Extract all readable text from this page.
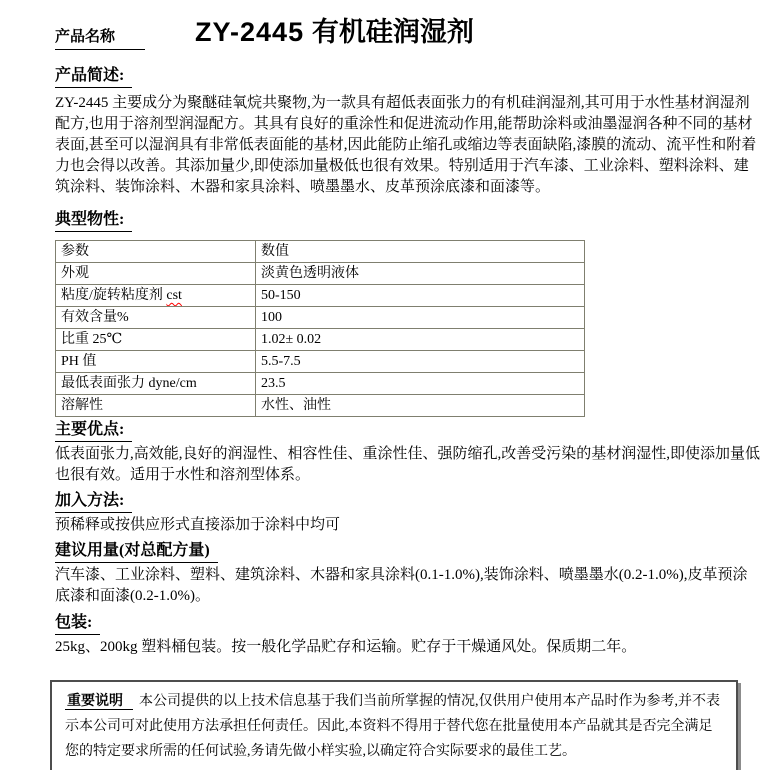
产品名称	ZY-2445 有机硅润湿剂
产品简述:
ZY-2445 主要成分为聚醚硅氧烷共聚物,为一款具有超低表面张力的有机硅润湿剂,其可用于水性基材润湿剂配方,也用于溶剂型润湿配方。其具有良好的重涂性和促进流动作用,能帮助涂料或油墨湿润各种不同的基材表面,甚至可以湿润具有非常低表面能的基材,因此能防止缩孔或缩边等表面缺陷,漆膜的流动、流平性和附着力也会得以改善。其添加量少,即使添加量极低也很有效果。特别适用于汽车漆、工业涂料、塑料涂料、建筑涂料、装饰涂料、木器和家具涂料、喷墨墨水、皮革预涂底漆和面漆等。
典型物性:
参数	数值
外观	淡黄色透明液体
粘度/旋转粘度剂 cst	50-150
有效含量%	100
比重 25℃	1.02± 0.02
PH 值	5.5-7.5
最低表面张力 dyne/cm	23.5
溶解性	水性、油性
主要优点:
低表面张力,高效能,良好的润湿性、相容性佳、重涂性佳、强防缩孔,改善受污染的基材润湿性,即使添加量低也很有效。适用于水性和溶剂型体系。
加入方法:
预稀释或按供应形式直接添加于涂料中均可
建议用量(对总配方量)
汽车漆、工业涂料、塑料、建筑涂料、木器和家具涂料(0.1-1.0%),装饰涂料、喷墨墨水(0.2-1.0%),皮革预涂底漆和面漆(0.2-1.0%)。
包装:
25kg、200kg 塑料桶包装。按一般化学品贮存和运输。贮存于干燥通风处。保质期二年。
重要说明 本公司提供的以上技术信息基于我们当前所掌握的情况,仅供用户使用本产品时作为参考,并不表示本公司可对此使用方法承担任何责任。因此,本资料不得用于替代您在批量使用本产品就其是否完全满足您的特定要求所需的任何试验,务请先做小样实验,以确定符合实际要求的最佳工艺。
